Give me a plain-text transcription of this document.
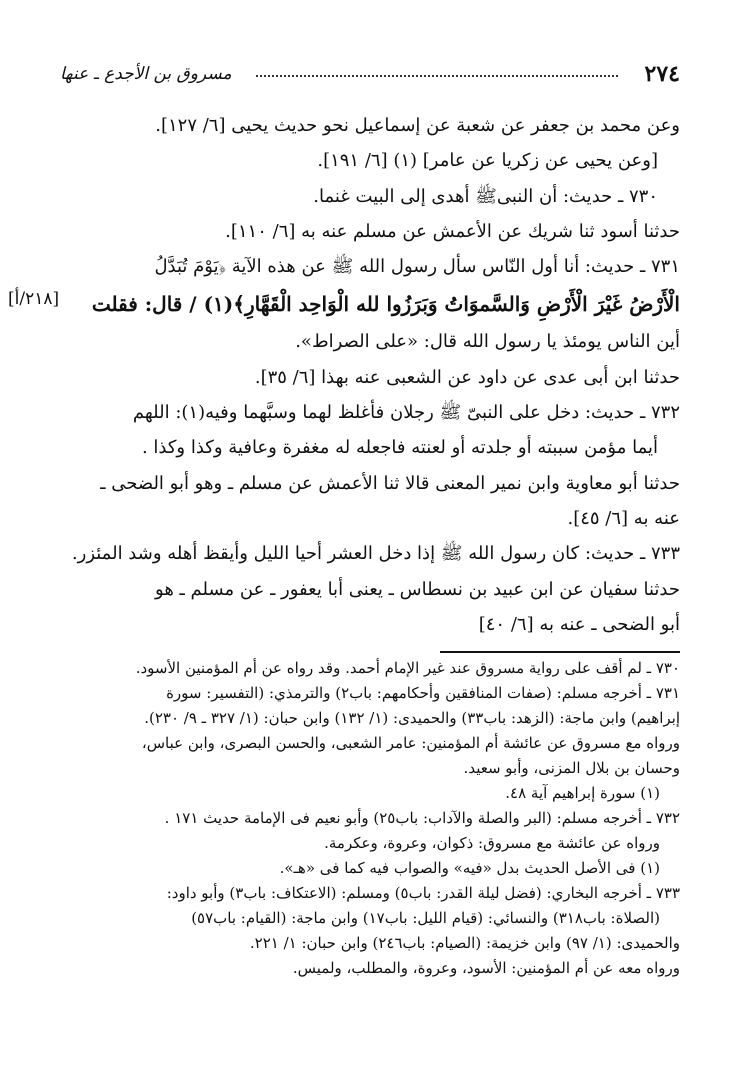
٢٧٤
مسروق بن الأجدع ـ عنها
وعن محمد بن جعفر عن شعبة عن إسماعيل نحو حديث يحيى [٦/ ١٢٧].
[وعن يحيى عن زكريا عن عامر] (١) [٦/ ١٩١].
٧٣٠ ـ حديث: أن النبىﷺ أهدى إلى البيت غنما.
حدثنا أسود ثنا شريك عن الأعمش عن مسلم عنه به [٦/ ١١٠].
٧٣١ ـ حديث: أنا أول النّاس سأل رسول الله ﷺ عن هذه الآية ﴿يَوْمَ تُبَدَّلُ
الْأَرْضُ غَيْرَ الْأَرْضِ وَالسَّموَاتُ وَبَرَزُوا لله الْوَاحِد الْقَهَّارِ﴾(١) / قال: فقلت
أين الناس يومئذ يا رسول الله قال: «على الصراط».
حدثنا ابن أبى عدى عن داود عن الشعبى عنه بهذا [٦/ ٣٥].
٧٣٢ ـ حديث: دخل على النبىّ ﷺ رجلان فأغلظ لهما وسبَّهما وفيه(١): اللهم
أيما مؤمن سببته أو جلدته أو لعنته فاجعله له مغفرة وعافية وكذا وكذا .
حدثنا أبو معاوية وابن نمير المعنى قالا ثنا الأعمش عن مسلم ـ وهو أبو الضحى ـ
عنه به [٦/ ٤٥].
٧٣٣ ـ حديث: كان رسول الله ﷺ إذا دخل العشر أحيا الليل وأيقظ أهله وشد المئزر.
حدثنا سفيان عن ابن عبيد بن نسطاس ـ يعنى أبا يعفور ـ عن مسلم ـ هو
أبو الضحى ـ عنه به [٦/ ٤٠]
[٢١٨/أ]
٧٣٠ ـ لم أقف على رواية مسروق عند غير الإمام أحمد. وقد رواه عن أم المؤمنين الأسود.
٧٣١ ـ أخرجه مسلم: (صفات المنافقين وأحكامهم: باب٢) والترمذي: (التفسير: سورة
إبراهيم) وابن ماجة: (الزهد: باب٣٣) والحميدى: (١/ ١٣٢) وابن حبان: (١/ ٣٢٧ ـ ٩/ ٢٣٠).
ورواه مع مسروق عن عائشة أم المؤمنين: عامر الشعبى، والحسن البصرى، وابن عباس،
وحسان بن بلال المزنى، وأبو سعيد.
(١) سورة إبراهيم آية ٤٨.
٧٣٢ ـ أخرجه مسلم: (البر والصلة والآداب: باب٢٥) وأبو نعيم فى الإمامة حديث ١٧١ .
ورواه عن عائشة مع مسروق: ذكوان، وعروة، وعكرمة.
(١) فى الأصل الحديث بدل «فيه» والصواب فيه كما فى «هـ».
٧٣٣ ـ أخرجه البخاري: (فضل ليلة القدر: باب٥) ومسلم: (الاعتكاف: باب٣) وأبو داود:
(الصلاة: باب٣١٨) والنسائي: (قيام الليل: باب١٧) وابن ماجة: (القيام: باب٥٧)
والحميدى: (١/ ٩٧) وابن خزيمة: (الصيام: باب٢٤٦) وابن حبان: ١/ ٢٢١.
ورواه معه عن أم المؤمنين: الأسود، وعروة، والمطلب، ولميس.
